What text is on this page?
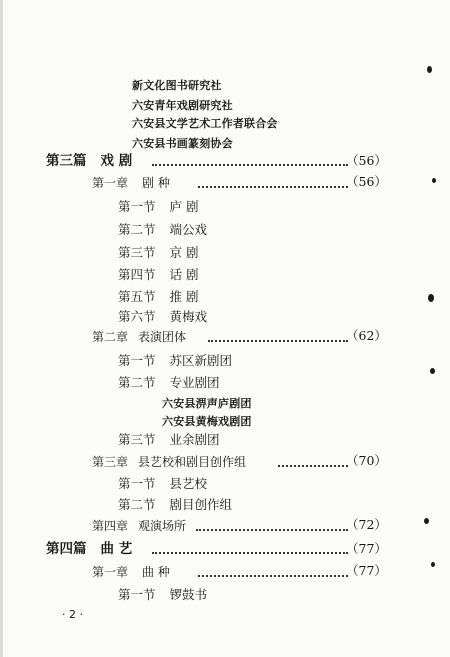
新文化图书研究社
六安青年戏剧研究社
六安县文学艺术工作者联合会
六安县书画篆刻协会
第三篇 戏 剧	（56）
第一章 剧 种	（56）
第一节 庐 剧
第二节 端公戏
第三节 京 剧
第四节 话 剧
第五节 推 剧
第六节 黄梅戏
第二章 表演团体	（62）
第一节 苏区新剧团
第二节 专业剧团
六安县淠声庐剧团
六安县黄梅戏剧团
第三节 业余剧团
第三章 县艺校和剧目创作组	（70）
第一节 县艺校
第二节 剧目创作组
第四章 观演场所	（72）
第四篇 曲 艺	（77）
第一章 曲 种	（77）
第一节 锣鼓书
· 2 ·
